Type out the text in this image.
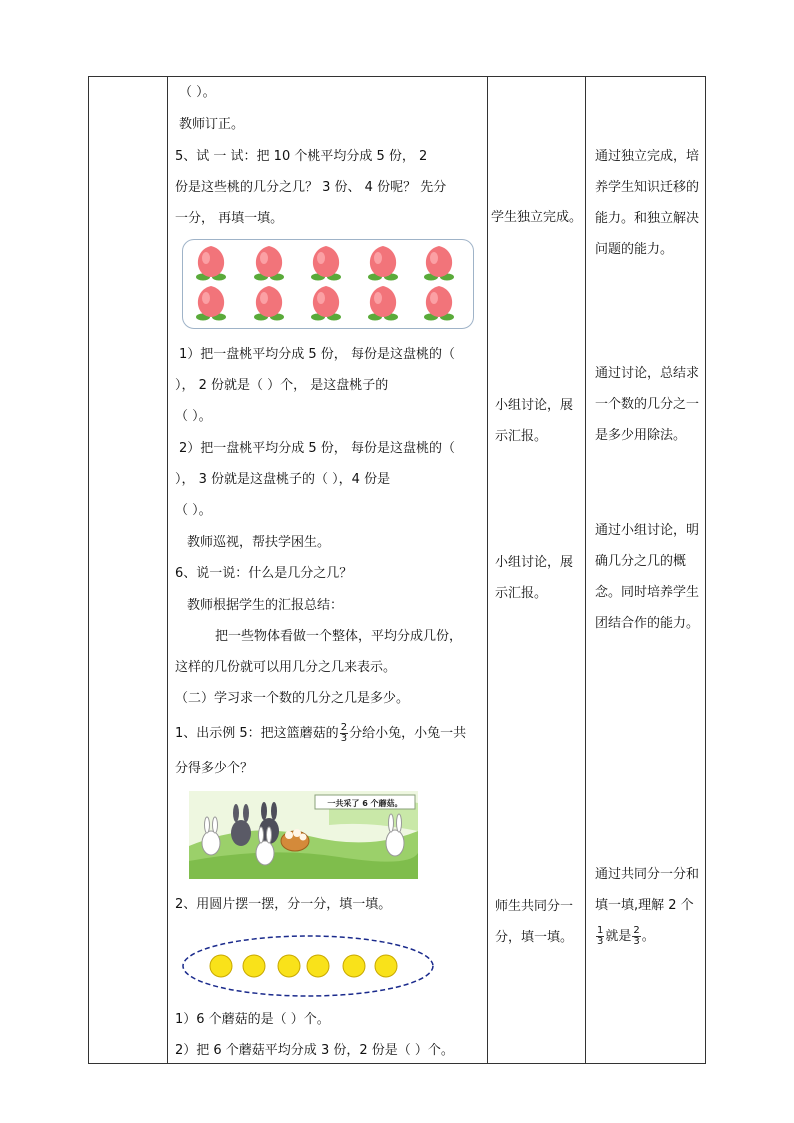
（ ）。
教师订正。
5、试 一 试：把 10 个桃平均分成 5 份， 2
份是这些桃的几分之几？ 3 份、 4 份呢？ 先分
一分， 再填一填。
1）把一盘桃平均分成 5 份， 每份是这盘桃的（
）， 2 份就是（ ）个， 是这盘桃子的
（ ）。
2）把一盘桃平均分成 5 份， 每份是这盘桃的（
）， 3 份就是这盘桃子的（ ），4 份是
（ ）。
教师巡视，帮扶学困生。
6、说一说：什么是几分之几？
教师根据学生的汇报总结：
把一些物体看做一个整体，平均分成几份，
这样的几份就可以用几分之几来表示。
（二）学习求一个数的几分之几是多少。
1、出示例 5：把这篮蘑菇的 $\frac{2}{3}$ 分给小兔，小兔一共
分得多少个？
一共采了 6 个蘑菇。
2、用圆片摆一摆，分一分，填一填。
1）6 个蘑菇的是（ ）个。
2）把 6 个蘑菇平均分成 3 份，2 份是（ ）个。
学生独立完成。
小组讨论，展示汇报。
小组讨论，展示汇报。
师生共同分一分，填一填。
通过独立完成，培养学生知识迁移的能力。和独立解决问题的能力。
通过讨论，总结求一个数的几分之一是多少用除法。
通过小组讨论，明确几分之几的概念。同时培养学生团结合作的能力。
通过共同分一分和填一填,理解 2 个
$\frac{1}{3}$ 就是 $\frac{2}{3}$ 。
